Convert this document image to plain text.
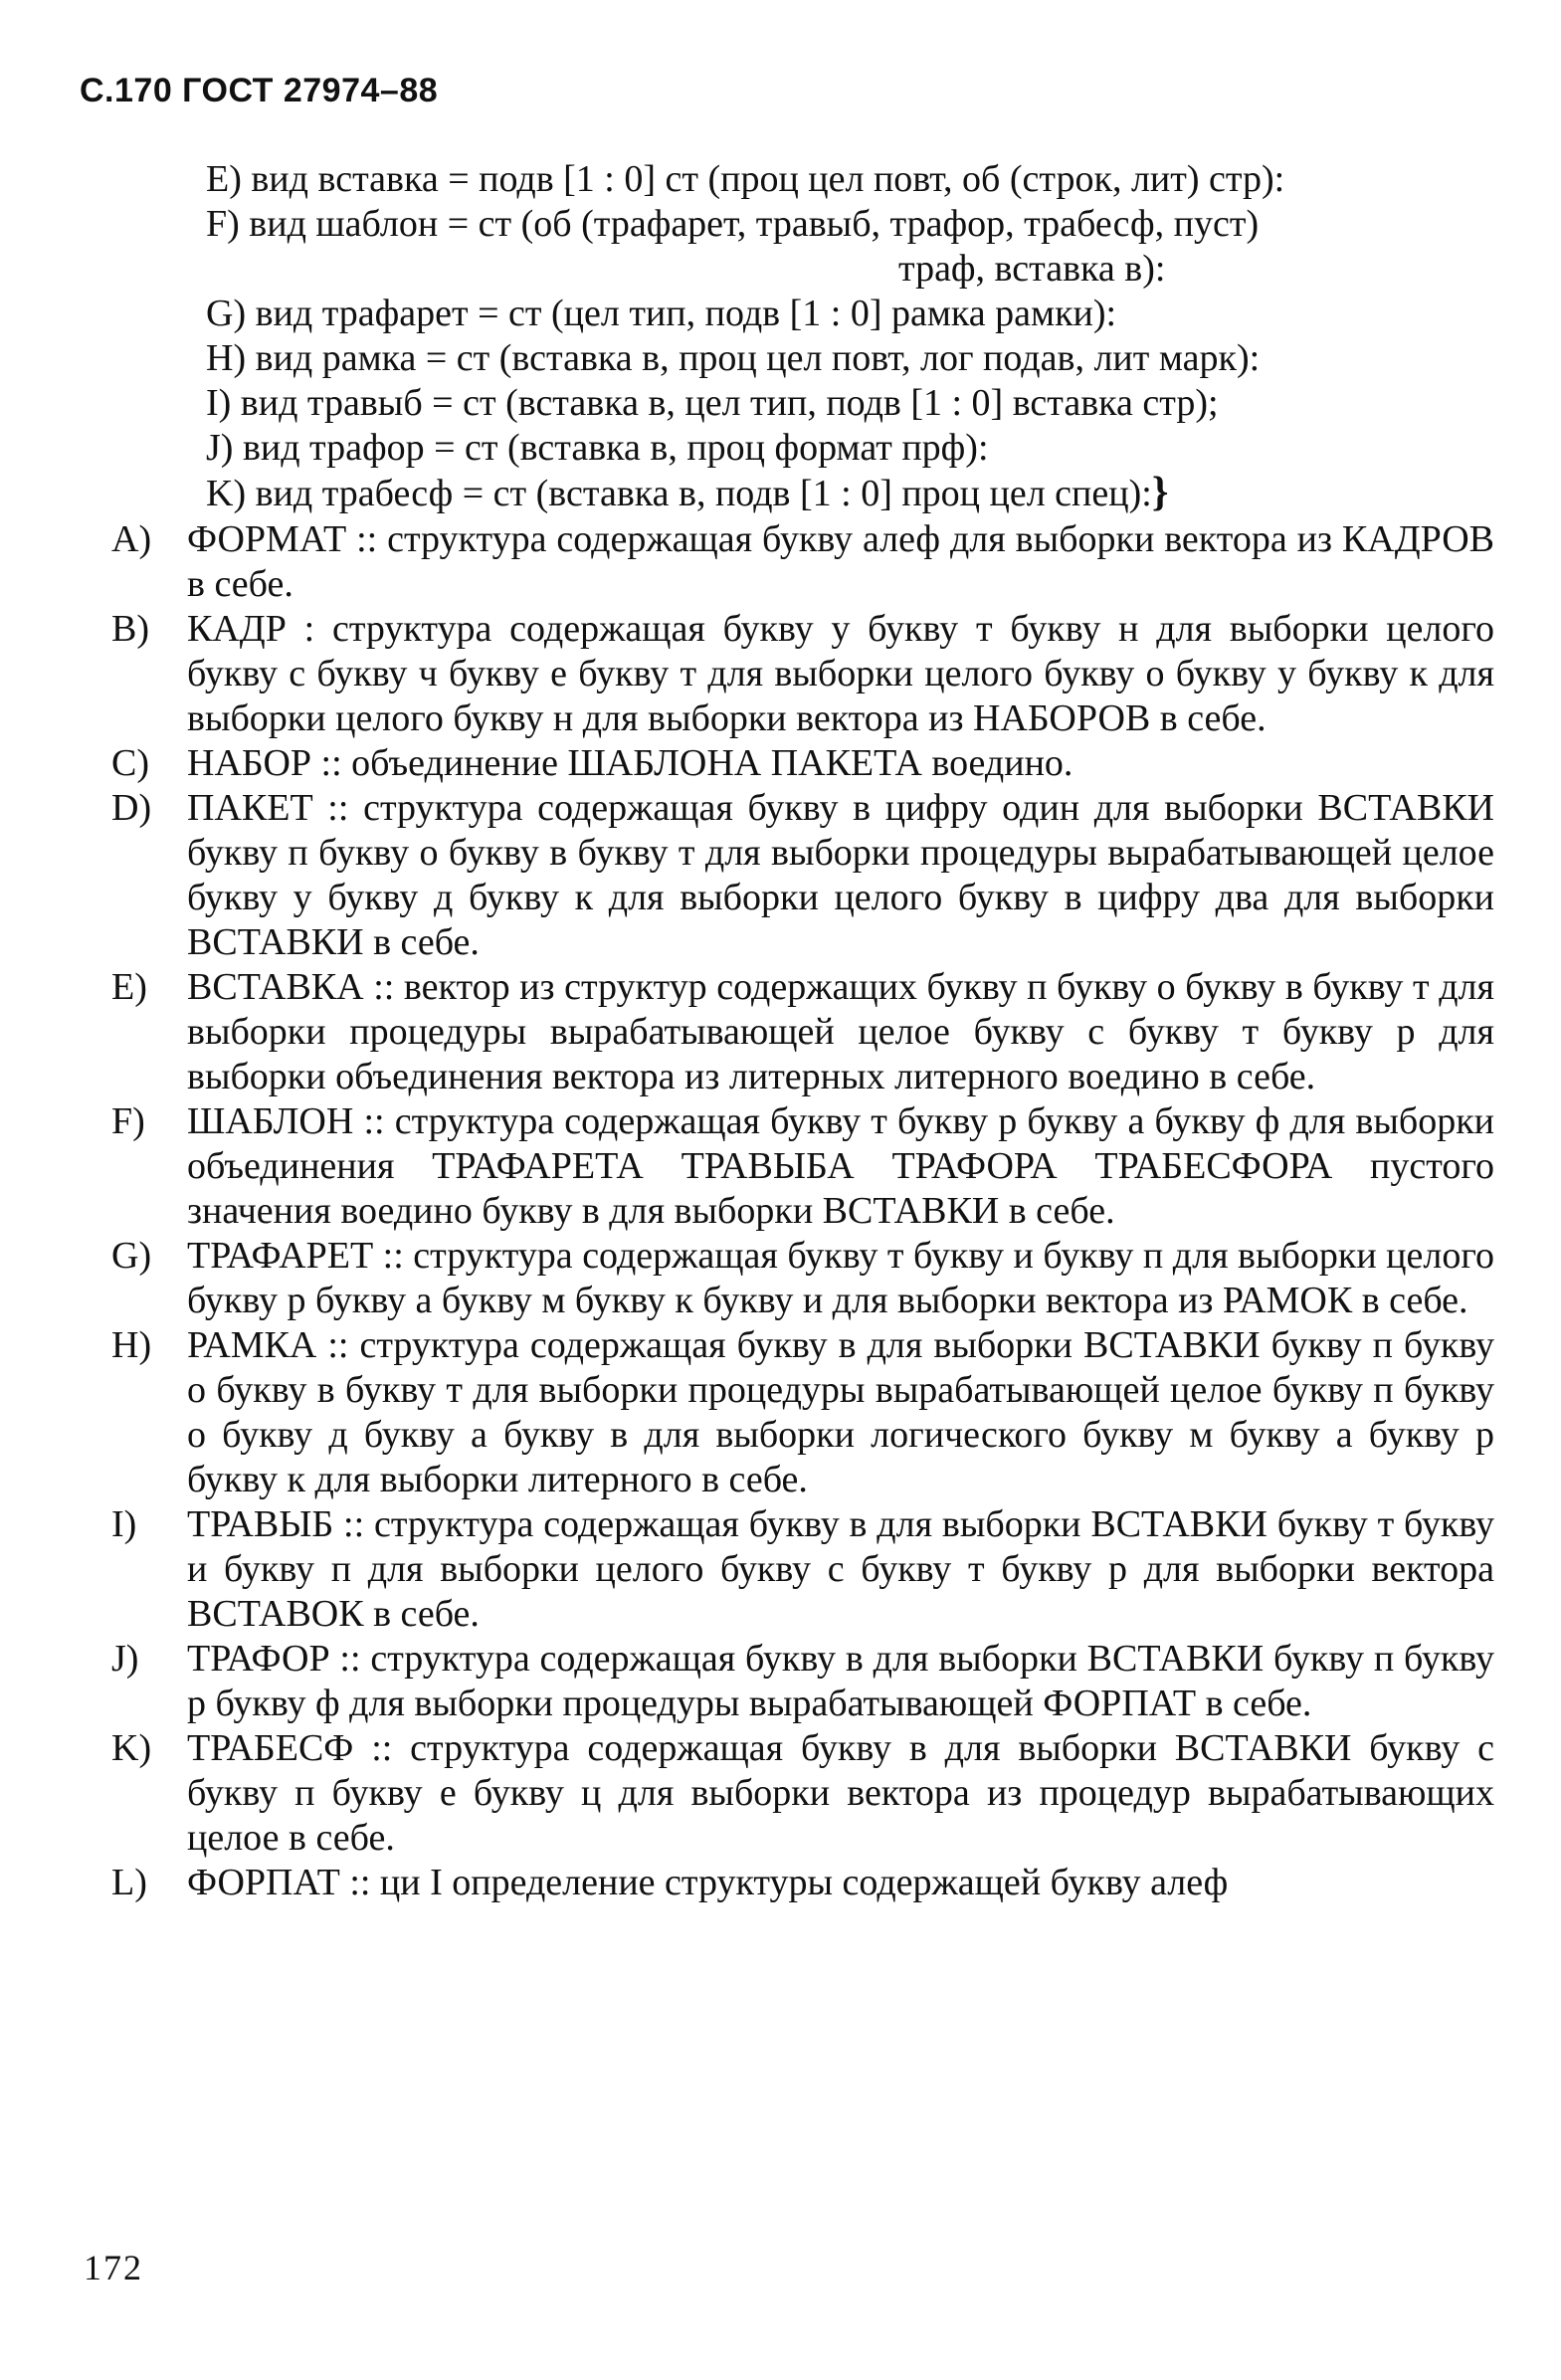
С.170 ГОСТ 27974–88
E) вид вставка = подв [1 : 0] ст (проц цел повт, об (строк, лит) стр):
F) вид шаблон = ст (об (трафарет, травыб, трафор, трабесф, пуст)
траф, вставка в):
G) вид трафарет = ст (цел тип, подв [1 : 0] рамка рамки):
H) вид рамка = ст (вставка в, проц цел повт, лог подав, лит марк):
I) вид травыб = ст (вставка в, цел тип, подв [1 : 0] вставка стр);
J) вид трафор = ст (вставка в, проц формат прф):
K) вид трабесф = ст (вставка в, подв [1 : 0] проц цел спец):}

A) ФОРМАТ :: структура содержащая букву алеф для выборки вектора из КАДРОВ в себе.

B) КАДР : структура содержащая букву у букву т букву н для выборки целого букву с букву ч букву е букву т для выборки целого букву о букву у букву к для выборки целого букву н для выборки вектора из НАБОРОВ в себе.

C) НАБОР :: объединение ШАБЛОНА ПАКЕТА воедино.

D) ПАКЕТ :: структура содержащая букву в цифру один для выборки ВСТАВКИ букву п букву о букву в букву т для выборки процедуры вырабатывающей целое букву у букву д букву к для выборки целого букву в цифру два для выборки ВСТАВКИ в себе.

E) ВСТАВКА :: вектор из структур содержащих букву п букву о букву в букву т для выборки процедуры вырабатывающей целое букву с букву т букву р для выборки объединения вектора из литерных литерного воедино в себе.

F) ШАБЛОН :: структура содержащая букву т букву р букву а букву ф для выборки объединения ТРАФАРЕТА ТРАВЫБА ТРАФОРА ТРАБЕСФОРА пустого значения воедино букву в для выборки ВСТАВКИ в себе.

G) ТРАФАРЕТ :: структура содержащая букву т букву и букву п для выборки целого букву р букву а букву м букву к букву и для выборки вектора из РАМОК в себе.

H) РАМКА :: структура содержащая букву в для выборки ВСТАВКИ букву п букву о букву в букву т для выборки процедуры вырабатывающей целое букву п букву о букву д букву а букву в для выборки логического букву м букву а букву р букву к для выборки литерного в себе.

I) ТРАВЫБ :: структура содержащая букву в для выборки ВСТАВКИ букву т букву и букву п для выборки целого букву с букву т букву р для выборки вектора ВСТАВОК в себе.

J) ТРАФОР :: структура содержащая букву в для выборки ВСТАВКИ букву п букву р букву ф для выборки процедуры вырабатывающей ФОРПАТ в себе.

K) ТРАБЕСФ :: структура содержащая букву в для выборки ВСТАВКИ букву с букву п букву е букву ц для выборки вектора из процедур вырабатывающих целое в себе.

L) ФОРПАТ :: ци I определение структуры содержащей букву алеф

172
